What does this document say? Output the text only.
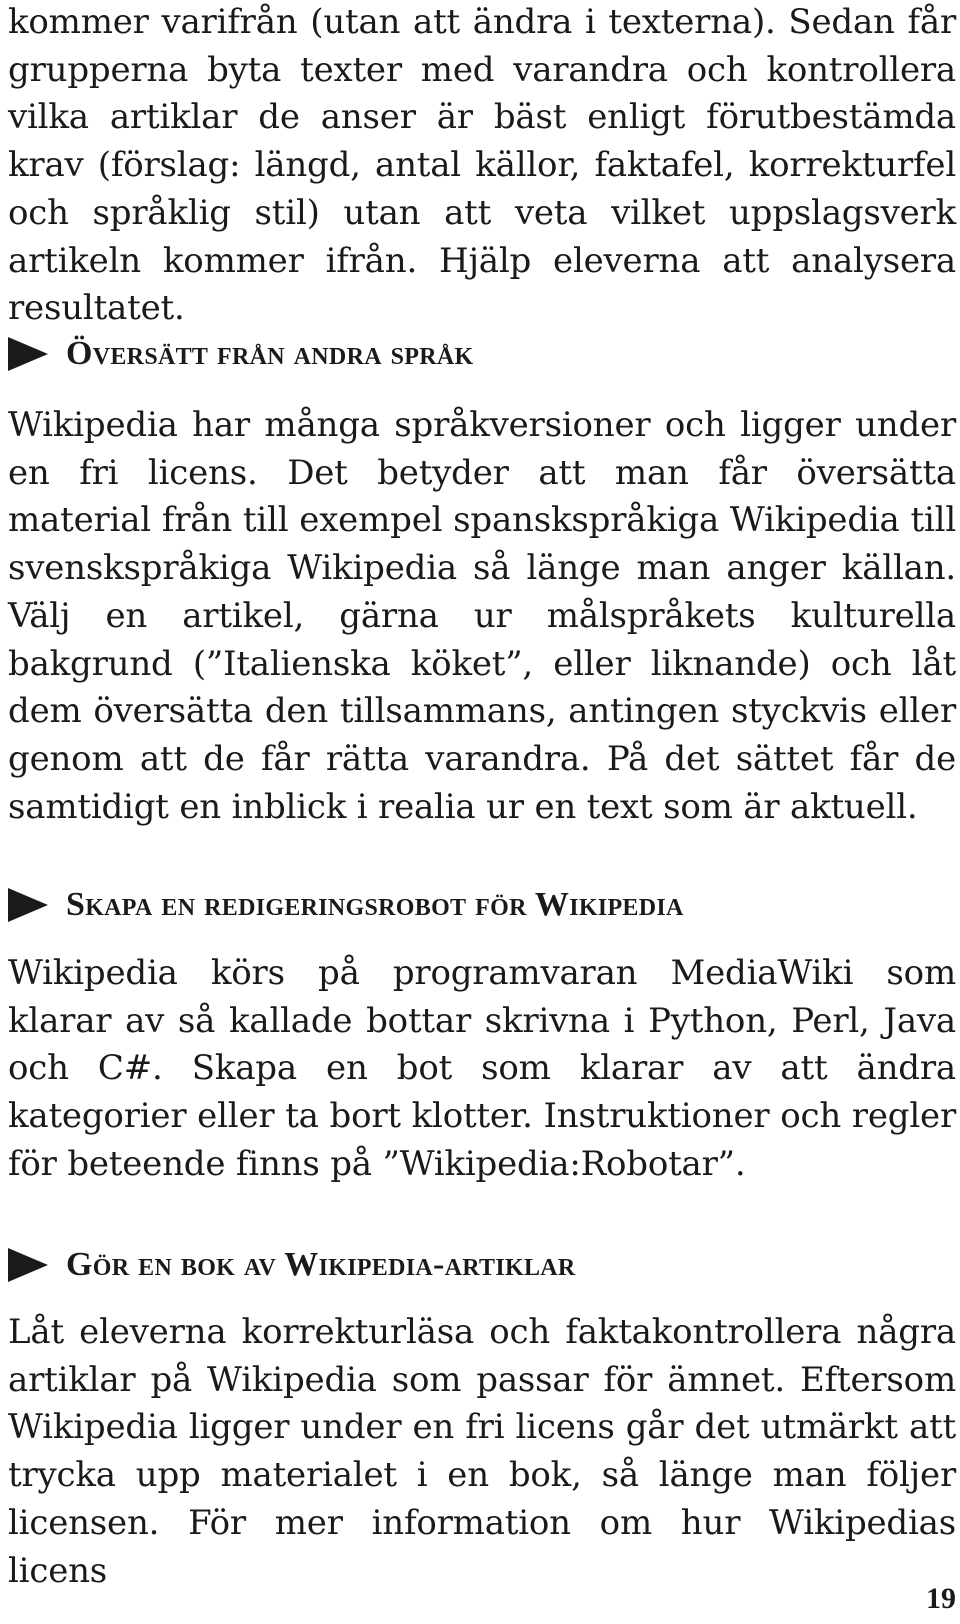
kommer varifrån (utan att ändra i texterna). Sedan får grupperna byta texter med varandra och kontrollera vilka artiklar de anser är bäst enligt förutbestämda krav (förslag: längd, antal källor, faktafel, korrekturfel och språklig stil) utan att veta vilket uppslagsverk artikeln kommer ifrån. Hjälp eleverna att analysera resultatet.

Översätt från andra språk

Wikipedia har många språkversioner och ligger under en fri licens. Det betyder att man får översätta material från till exempel spanskspråkiga Wikipedia till svenskspråkiga Wikipedia så länge man anger källan. Välj en artikel, gärna ur målspråkets kulturella bakgrund (”Italienska köket”, eller liknande) och låt dem översätta den tillsammans, antingen styckvis eller genom att de får rätta varandra. På det sättet får de samtidigt en inblick i realia ur en text som är aktuell.

Skapa en redigeringsrobot för Wikipedia

Wikipedia körs på programvaran MediaWiki som klarar av så kallade bottar skrivna i Python, Perl, Java och C#. Skapa en bot som klarar av att ändra kategorier eller ta bort klotter. Instruktioner och regler för beteende finns på ”Wikipedia:Robotar”.

Gör en bok av Wikipedia-artiklar

Låt eleverna korrekturläsa och faktakontrollera några artiklar på Wikipedia som passar för ämnet. Eftersom Wikipedia ligger under en fri licens går det utmärkt att trycka upp materialet i en bok, så länge man följer licensen. För mer information om hur Wikipedias licens

19
